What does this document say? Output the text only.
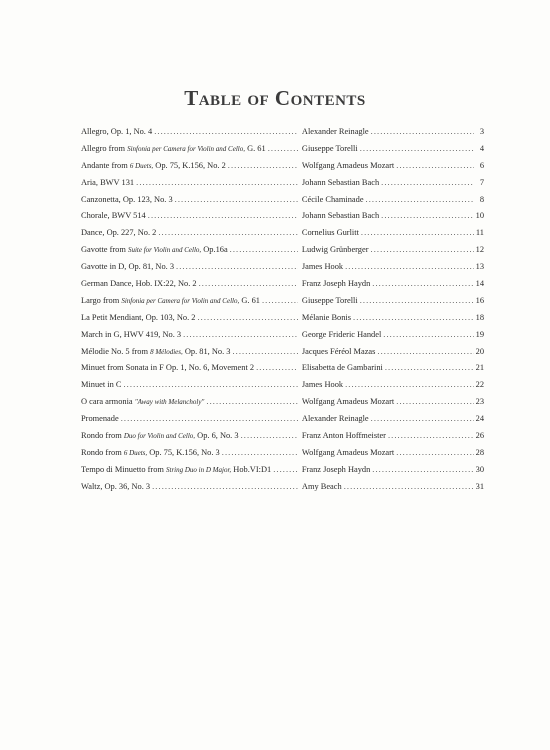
Table of Contents
Allegro, Op. 1, No. 4 .....	Alexander Reinagle .....	3
Allegro from Sinfonia per Camera for Violin and Cello, G. 61 .....	Giuseppe Torelli .....	4
Andante from 6 Duets, Op. 75, K.156, No. 2 .....	Wolfgang Amadeus Mozart .....	6
Aria, BWV 131 .....	Johann Sebastian Bach .....	7
Canzonetta, Op. 123, No. 3 .....	Cécile Chaminade .....	8
Chorale, BWV 514 .....	Johann Sebastian Bach .....	10
Dance, Op. 227, No. 2 .....	Cornelius Gurlitt .....	11
Gavotte from Suite for Violin and Cello, Op.16a .....	Ludwig Grünberger .....	12
Gavotte in D, Op. 81, No. 3 .....	James Hook .....	13
German Dance, Hob. IX:22, No. 2 .....	Franz Joseph Haydn .....	14
Largo from Sinfonia per Camera for Violin and Cello, G. 61 .....	Giuseppe Torelli .....	16
La Petit Mendiant, Op. 103, No. 2 .....	Mélanie Bonis .....	18
March in G, HWV 419, No. 3 .....	George Frideric Handel .....	19
Mélodie No. 5 from 8 Mélodies, Op. 81, No. 3 .....	Jacques Féréol Mazas .....	20
Minuet from Sonata in F Op. 1, No. 6, Movement 2 .....	Elisabetta de Gambarini .....	21
Minuet in C .....	James Hook .....	22
O cara armonia "Away with Melancholy" .....	Wolfgang Amadeus Mozart .....	23
Promenade .....	Alexander Reinagle .....	24
Rondo from Duo for Violin and Cello, Op. 6, No. 3 .....	Franz Anton Hoffmeister .....	26
Rondo from 6 Duets, Op. 75, K.156, No. 3 .....	Wolfgang Amadeus Mozart .....	28
Tempo di Minuetto from String Duo in D Major, Hob.VI:D1 .....	Franz Joseph Haydn .....	30
Waltz, Op. 36, No. 3 .....	Amy Beach .....	31
